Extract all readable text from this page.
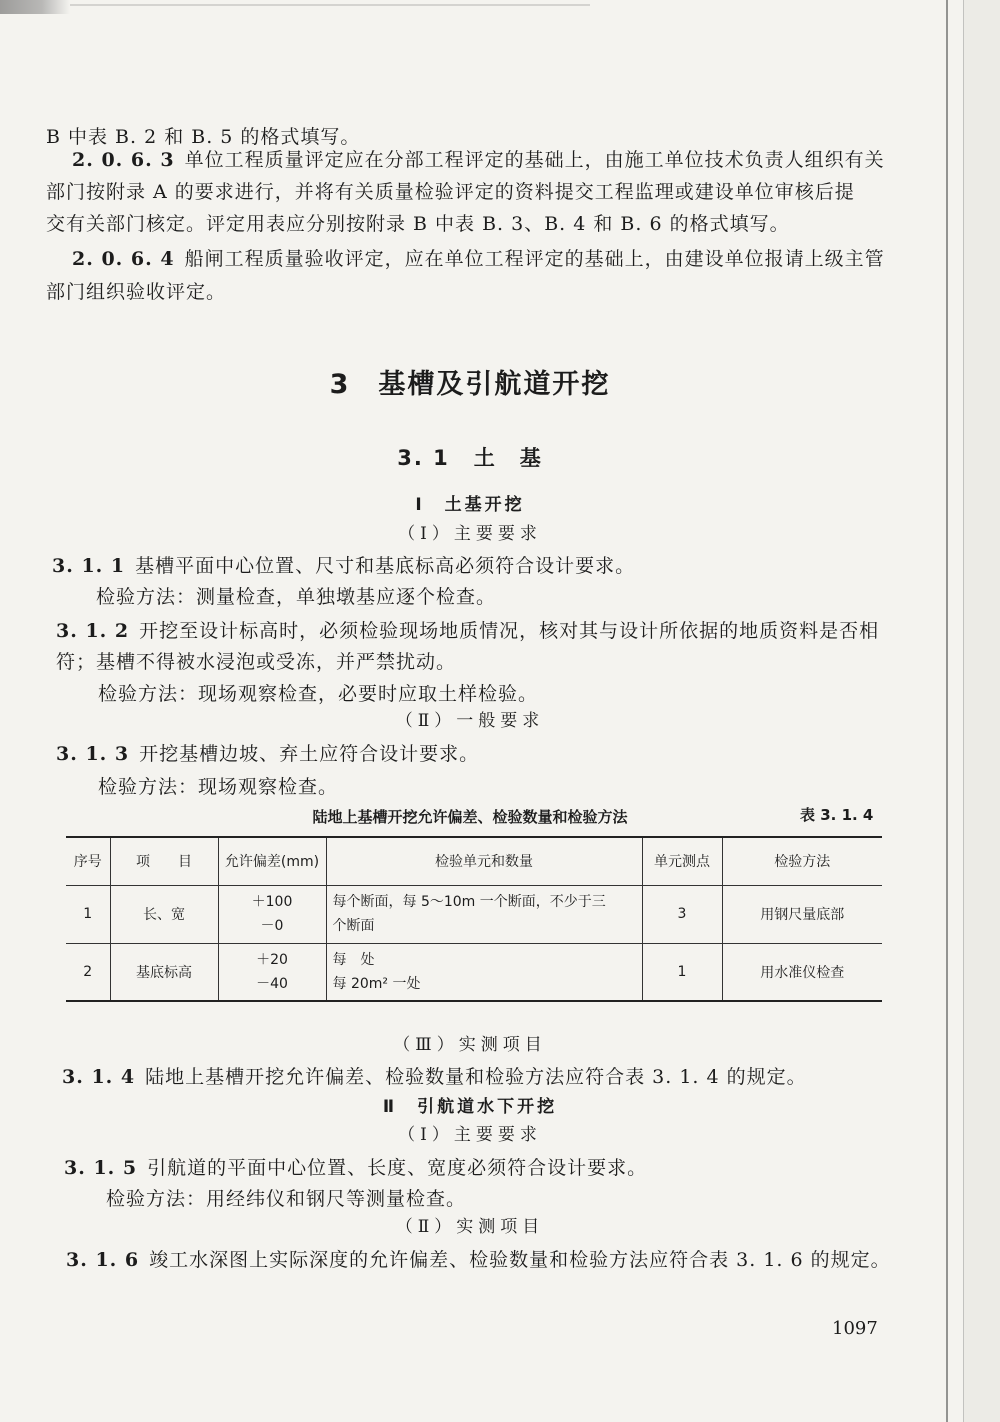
B 中表 B. 2 和 B. 5 的格式填写。
2. 0. 6. 3 单位工程质量评定应在分部工程评定的基础上，由施工单位技术负责人组织有关
部门按附录 A 的要求进行，并将有关质量检验评定的资料提交工程监理或建设单位审核后提
交有关部门核定。评定用表应分别按附录 B 中表 B. 3、B. 4 和 B. 6 的格式填写。
2. 0. 6. 4 船闸工程质量验收评定，应在单位工程评定的基础上，由建设单位报请上级主管
部门组织验收评定。
3 基槽及引航道开挖
3. 1 土　基
Ⅰ　土基开挖
（Ⅰ）主要要求
3. 1. 1 基槽平面中心位置、尺寸和基底标高必须符合设计要求。
检验方法：测量检查，单独墩基应逐个检查。
3. 1. 2 开挖至设计标高时，必须检验现场地质情况，核对其与设计所依据的地质资料是否相
符；基槽不得被水浸泡或受冻，并严禁扰动。
检验方法：现场观察检查，必要时应取土样检验。
（Ⅱ）一般要求
3. 1. 3 开挖基槽边坡、弃土应符合设计要求。
检验方法：现场观察检查。
陆地上基槽开挖允许偏差、检验数量和检验方法	表 3. 1. 4
序号	项　　目	允许偏差(mm)	检验单元和数量	单元测点	检验方法
1	长、宽	＋100
－0	每个断面，每 5～10m 一个断面，不少于三
个断面	3	用钢尺量底部
2	基底标高	＋20
－40	每　处
每 20m² 一处	1	用水准仪检查
（Ⅲ）实测项目
3. 1. 4 陆地上基槽开挖允许偏差、检验数量和检验方法应符合表 3. 1. 4 的规定。
Ⅱ　引航道水下开挖
（Ⅰ）主要要求
3. 1. 5 引航道的平面中心位置、长度、宽度必须符合设计要求。
检验方法：用经纬仪和钢尺等测量检查。
（Ⅱ）实测项目
3. 1. 6 竣工水深图上实际深度的允许偏差、检验数量和检验方法应符合表 3. 1. 6 的规定。
1097
